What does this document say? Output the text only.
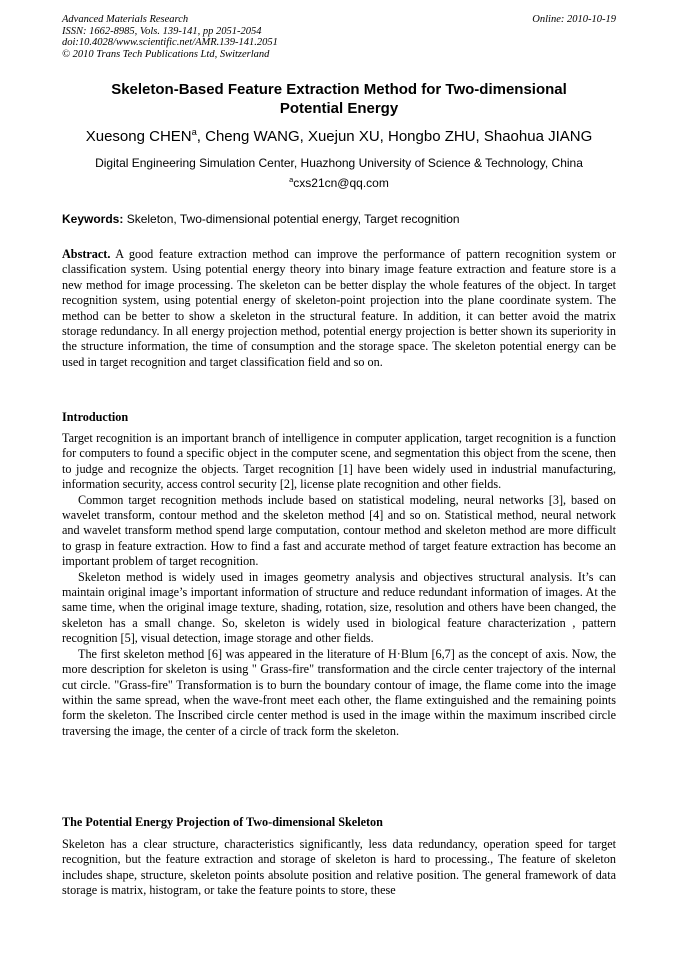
Advanced Materials Research
ISSN: 1662-8985, Vols. 139-141, pp 2051-2054
doi:10.4028/www.scientific.net/AMR.139-141.2051
© 2010 Trans Tech Publications Ltd, Switzerland
Online: 2010-10-19
Skeleton-Based Feature Extraction Method for Two-dimensional
Potential Energy
Xuesong CHEN$^a$, Cheng WANG, Xuejun XU, Hongbo ZHU, Shaohua JIANG
Digital Engineering Simulation Center, Huazhong University of Science & Technology, China
$^a$cxs21cn@qq.com
Keywords: Skeleton, Two-dimensional potential energy, Target recognition

Abstract. A good feature extraction method can improve the performance of pattern recognition system or classification system. Using potential energy theory into binary image feature extraction and feature store is a new method for image processing. The skeleton can be better display the whole features of the object. In target recognition system, using potential energy of skeleton-point projection into the plane coordinate system. The method can be better to show a skeleton in the structural feature. In addition, it can better avoid the matrix storage redundancy. In all energy projection method, potential energy projection is better shown its superiority in the structure information, the time of consumption and the storage space. The skeleton potential energy can be used in target recognition and target classification field and so on.

Introduction

Target recognition is an important branch of intelligence in computer application, target recognition is a function for computers to found a specific object in the computer scene, and segmentation this object from the scene, then to judge and recognize the objects. Target recognition [1] have been widely used in industrial manufacturing, information security, access control security [2], license plate recognition and other fields.

Common target recognition methods include based on statistical modeling, neural networks [3], based on wavelet transform, contour method and the skeleton method [4] and so on. Statistical method, neural network and wavelet transform method spend large computation, contour method and skeleton method are more difficult to grasp in feature extraction. How to find a fast and accurate method of target feature extraction has become an important problem of target recognition.

Skeleton method is widely used in images geometry analysis and objectives structural analysis. It’s can maintain original image’s important information of structure and reduce redundant information of images. At the same time, when the original image texture, shading, rotation, size, resolution and others have been changed, the skeleton has a small change. So, skeleton is widely used in biological feature characterization , pattern recognition [5], visual detection, image storage and other fields.

The first skeleton method [6] was appeared in the literature of H·Blum [6,7] as the concept of axis. Now, the more description for skeleton is using " Grass-fire" transformation and the circle center trajectory of the internal cut circle. "Grass-fire" Transformation is to burn the boundary contour of image, the flame come into the image within the same spread, when the wave-front meet each other, the flame extinguished and the remaining points form the skeleton. The Inscribed circle center method is used in the image within the maximum inscribed circle traversing the image, the center of a circle of track form the skeleton.

The Potential Energy Projection of Two-dimensional Skeleton

Skeleton has a clear structure, characteristics significantly, less data redundancy, operation speed for target recognition, but the feature extraction and storage of skeleton is hard to processing., The feature of skeleton includes shape, structure, skeleton points absolute position and relative position. The general framework of data storage is matrix, histogram, or take the feature points to store, these
